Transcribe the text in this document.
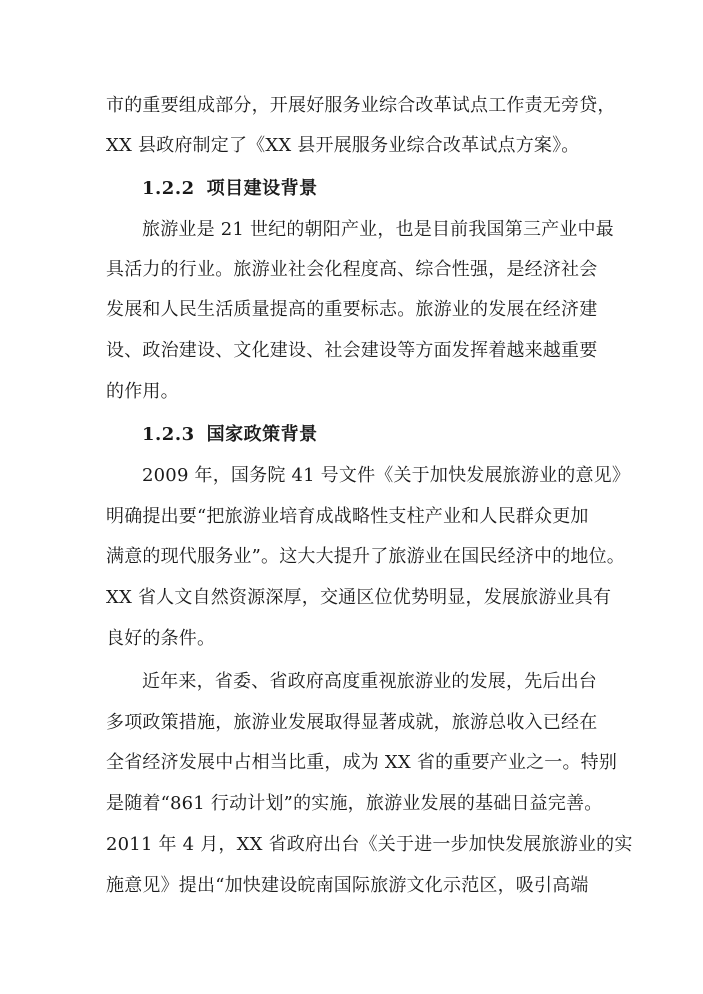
市的重要组成部分，开展好服务业综合改革试点工作责无旁贷，
XX 县政府制定了《XX 县开展服务业综合改革试点方案》。
1.2.2 项目建设背景
旅游业是 21 世纪的朝阳产业，也是目前我国第三产业中最
具活力的行业。旅游业社会化程度高、综合性强，是经济社会
发展和人民生活质量提高的重要标志。旅游业的发展在经济建
设、政治建设、文化建设、社会建设等方面发挥着越来越重要
的作用。
1.2.3 国家政策背景
2009 年，国务院 41 号文件《关于加快发展旅游业的意见》
明确提出要“把旅游业培育成战略性支柱产业和人民群众更加
满意的现代服务业”。这大大提升了旅游业在国民经济中的地位。
XX 省人文自然资源深厚，交通区位优势明显，发展旅游业具有
良好的条件。
近年来，省委、省政府高度重视旅游业的发展，先后出台
多项政策措施，旅游业发展取得显著成就，旅游总收入已经在
全省经济发展中占相当比重，成为 XX 省的重要产业之一。特别
是随着“861 行动计划”的实施，旅游业发展的基础日益完善。
2011 年 4 月，XX 省政府出台《关于进一步加快发展旅游业的实
施意见》提出“加快建设皖南国际旅游文化示范区，吸引高端
